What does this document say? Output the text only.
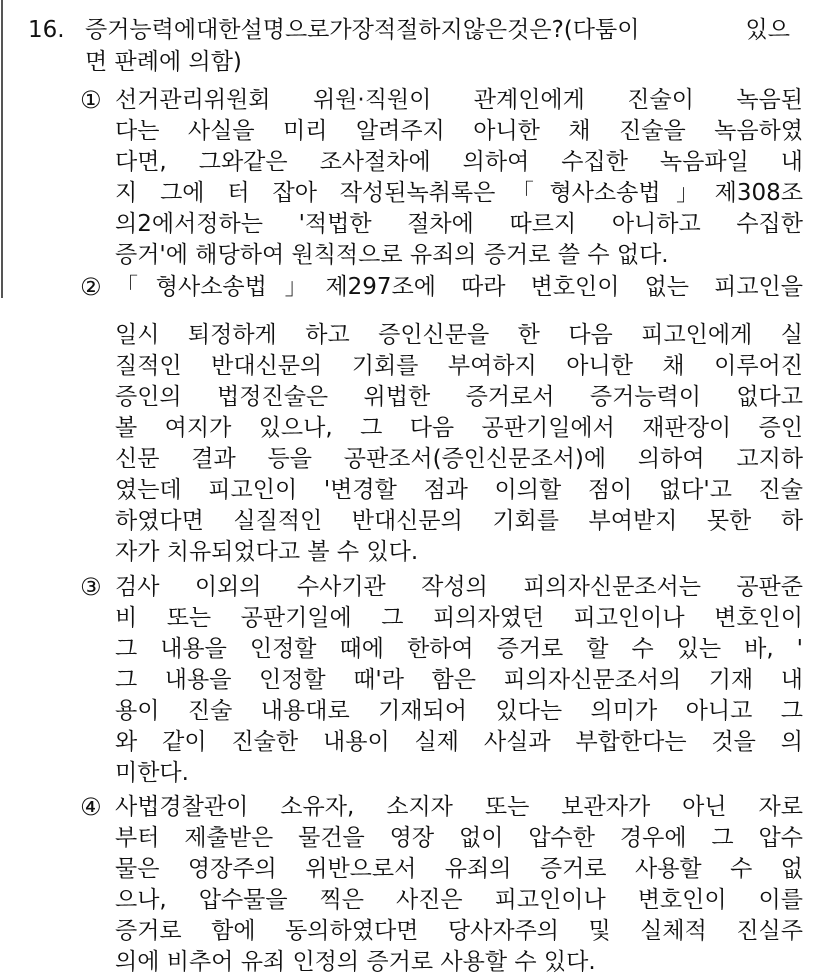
16. 증거능력에대한설명으로가장적절하지않은것은?(다툼이 있으
면 판례에 의함)
① 선거관리위원회 위원·직원이 관계인에게 진술이 녹음된
다는 사실을 미리 알려주지 아니한 채 진술을 녹음하였
다면, 그와같은 조사절차에 의하여 수집한 녹음파일 내
지 그에 터 잡아 작성된녹취록은「형사소송법」제308조
의2에서정하는 '적법한 절차에 따르지 아니하고 수집한
증거'에 해당하여 원칙적으로 유죄의 증거로 쓸 수 없다.
② 「형사소송법」제297조에 따라 변호인이 없는 피고인을
일시 퇴정하게 하고 증인신문을 한 다음 피고인에게 실
질적인 반대신문의 기회를 부여하지 아니한 채 이루어진
증인의 법정진술은 위법한 증거로서 증거능력이 없다고
볼 여지가 있으나, 그 다음 공판기일에서 재판장이 증인
신문 결과 등을 공판조서(증인신문조서)에 의하여 고지하
였는데 피고인이 '변경할 점과 이의할 점이 없다'고 진술
하였다면 실질적인 반대신문의 기회를 부여받지 못한 하
자가 치유되었다고 볼 수 있다.
③ 검사 이외의 수사기관 작성의 피의자신문조서는 공판준
비 또는 공판기일에 그 피의자였던 피고인이나 변호인이
그 내용을 인정할 때에 한하여 증거로 할 수 있는 바, '
그 내용을 인정할 때'라 함은 피의자신문조서의 기재 내
용이 진술 내용대로 기재되어 있다는 의미가 아니고 그
와 같이 진술한 내용이 실제 사실과 부합한다는 것을 의
미한다.
④ 사법경찰관이 소유자, 소지자 또는 보관자가 아닌 자로
부터 제출받은 물건을 영장 없이 압수한 경우에 그 압수
물은 영장주의 위반으로서 유죄의 증거로 사용할 수 없
으나, 압수물을 찍은 사진은 피고인이나 변호인이 이를
증거로 함에 동의하였다면 당사자주의 및 실체적 진실주
의에 비추어 유죄 인정의 증거로 사용할 수 있다.
